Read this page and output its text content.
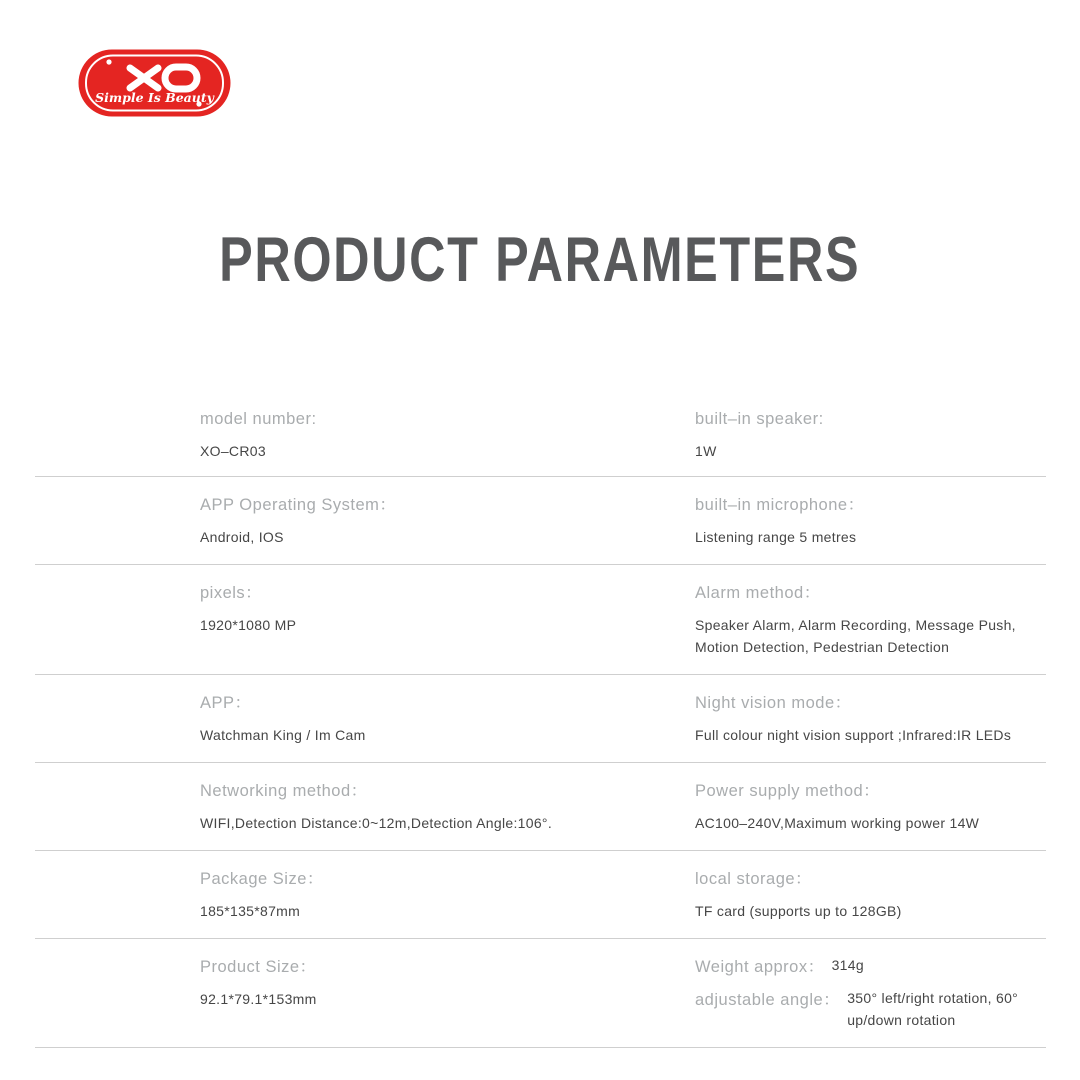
Simple Is Beauty
PRODUCT PARAMETERS
model number:
XO–CR03
built–in speaker:
1W
APP Operating System：
Android, IOS
built–in microphone：
Listening range 5 metres
pixels：
1920*1080 MP
Alarm method：
Speaker Alarm, Alarm Recording, Message Push, Motion Detection, Pedestrian Detection
APP：
Watchman King / Im Cam
Night vision mode：
Full colour night vision support ;Infrared:IR LEDs
Networking method：
WIFI,Detection Distance:0~12m,Detection Angle:106°.
Power supply method：
AC100–240V,Maximum working power 14W
Package Size：
185*135*87mm
local storage：
TF card (supports up to 128GB)
Product Size：
92.1*79.1*153mm
Weight approx： 314g
adjustable angle： 350° left/right rotation, 60° up/down rotation
